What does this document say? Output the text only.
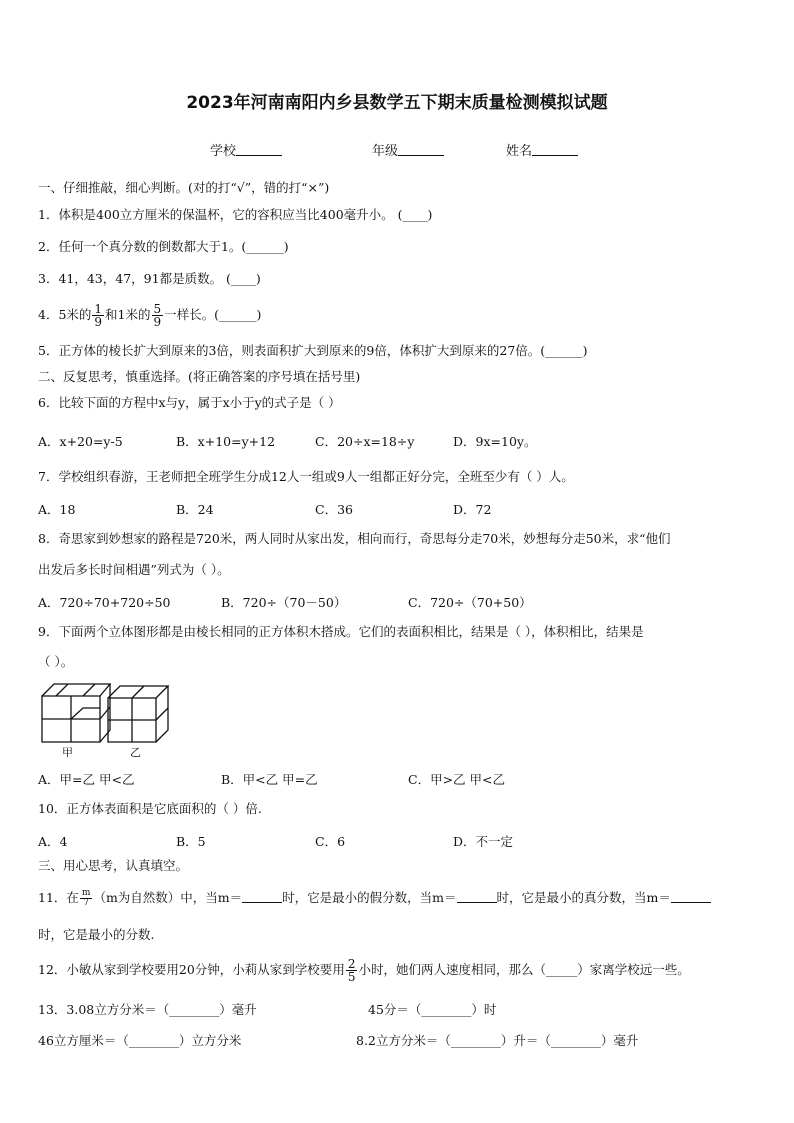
2023年河南南阳内乡县数学五下期末质量检测模拟试题
学校	年级	姓名
一、仔细推敲，细心判断。(对的打“√”，错的打“×”)
1．体积是400立方厘米的保温杯，它的容积应当比400毫升小。 (____)
2．任何一个真分数的倒数都大于1。(______)
3．41，43，47，91都是质数。 (____)
4．5米的 $\frac{1}{9}$ 和1米的 $\frac{5}{9}$ 一样长。(______)
5．正方体的棱长扩大到原来的3倍，则表面积扩大到原来的9倍，体积扩大到原来的27倍。(______)
二、反复思考，慎重选择。(将正确答案的序号填在括号里)
6．比较下面的方程中x与y，属于x小于y的式子是（ ）
A．x+20=y-5	B．x+10=y+12	C．20÷x=18÷y	D．9x=10y。
7．学校组织春游，王老师把全班学生分成12人一组或9人一组都正好分完，全班至少有（ ）人。
A．18	B．24	C．36	D．72
8．奇思家到妙想家的路程是720米，两人同时从家出发，相向而行，奇思每分走70米，妙想每分走50米，求“他们
出发后多长时间相遇”列式为（ ）。
A．720÷70+720÷50	B．720÷（70－50）	C．720÷（70+50）
9．下面两个立体图形都是由棱长相同的正方体积木搭成。它们的表面积相比，结果是（ ），体积相比，结果是
（ ）。
甲	乙
A．甲=乙 甲<乙	B．甲<乙 甲=乙	C．甲>乙 甲<乙
10．正方体表面积是它底面积的（ ）倍.
A．4	B．5	C．6	D．不一定
三、用心思考，认真填空。
11．在 $\frac{m}{7} (m$为自然数）中，当m＝	时，它是最小的假分数，当m＝	时，它是最小的真分数，当m＝
时，它是最小的分数.
12．小敏从家到学校要用20分钟，小莉从家到学校要用 $\frac{2}{5}$ 小时，她们两人速度相同，那么（_____）家离学校远一些。
13．3.08立方分米＝（________）毫升	45分＝（________）时
46立方厘米＝（________）立方分米	8.2立方分米＝（________）升＝（________）毫升
